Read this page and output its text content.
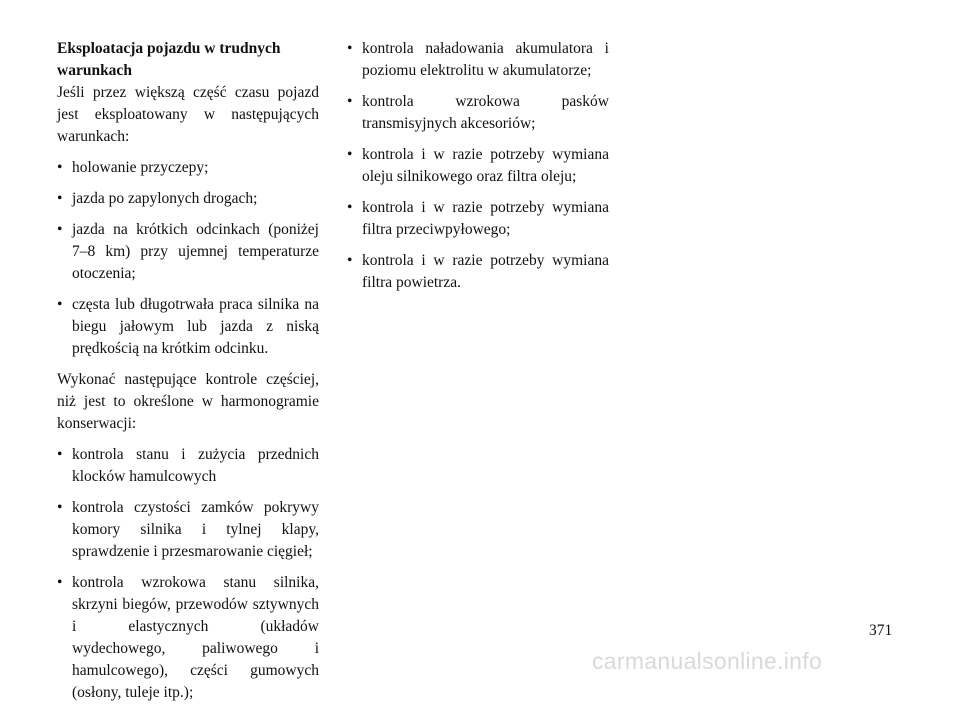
Eksploatacja pojazdu w trudnych warunkach

Jeśli przez większą część czasu pojazd jest eksploatowany w następujących warunkach:

• holowanie przyczepy;
• jazda po zapylonych drogach;
• jazda na krótkich odcinkach (poniżej 7–8 km) przy ujemnej temperaturze otoczenia;
• częsta lub długotrwała praca silnika na biegu jałowym lub jazda z niską prędkością na krótkim odcinku.

Wykonać następujące kontrole częściej, niż jest to określone w harmonogramie konserwacji:

• kontrola stanu i zużycia przednich klocków hamulcowych
• kontrola czystości zamków pokrywy komory silnika i tylnej klapy, sprawdzenie i przesmarowanie cięgieł;
• kontrola wzrokowa stanu silnika, skrzyni biegów, przewodów sztywnych i elastycznych (układów wydechowego, paliwowego i hamulcowego), części gumowych (osłony, tuleje itp.);
• kontrola naładowania akumulatora i poziomu elektrolitu w akumulatorze;
• kontrola wzrokowa pasków transmisyjnych akcesoriów;
• kontrola i w razie potrzeby wymiana oleju silnikowego oraz filtra oleju;
• kontrola i w razie potrzeby wymiana filtra przeciwpyłowego;
• kontrola i w razie potrzeby wymiana filtra powietrza.
371
carmanualsonline.info
